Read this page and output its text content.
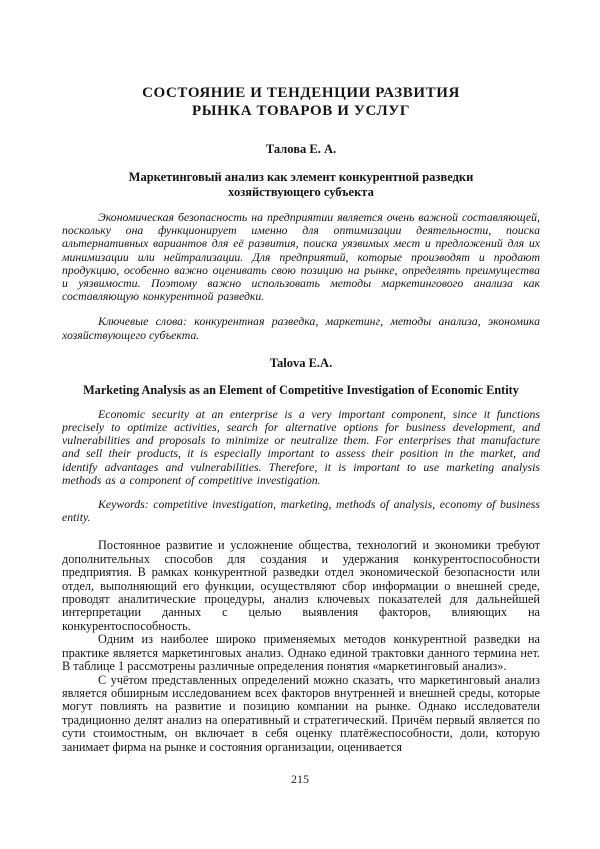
СОСТОЯНИЕ И ТЕНДЕНЦИИ РАЗВИТИЯ
РЫНКА ТОВАРОВ И УСЛУГ
Талова Е. А.
Маркетинговый анализ как элемент конкурентной разведки
хозяйствующего субъекта
Экономическая безопасность на предприятии является очень важной составляющей, поскольку она функционирует именно для оптимизации деятельности, поиска альтернативных вариантов для её развития, поиска уязвимых мест и предложений для их минимизации или нейтрализации. Для предприятий, которые производят и продают продукцию, особенно важно оценивать свою позицию на рынке, определять преимущества и уязвимости. Поэтому важно использовать методы маркетингового анализа как составляющую конкурентной разведки.
Ключевые слова: конкурентная разведка, маркетинг, методы анализа, экономика хозяйствующего субъекта.
Talova E.A.
Marketing Analysis as an Element of Competitive Investigation of Economic Entity
Economic security at an enterprise is a very important component, since it functions precisely to optimize activities, search for alternative options for business development, and vulnerabilities and proposals to minimize or neutralize them. For enterprises that manufacture and sell their products, it is especially important to assess their position in the market, and identify advantages and vulnerabilities. Therefore, it is important to use marketing analysis methods as a component of competitive investigation.
Keywords: competitive investigation, marketing, methods of analysis, economy of business entity.

Постоянное развитие и усложнение общества, технологий и экономики требуют дополнительных способов для создания и удержания конкурентоспособности предприятия. В рамках конкурентной разведки отдел экономической безопасности или отдел, выполняющий его функции, осуществляют сбор информации о внешней среде, проводят аналитические процедуры, анализ ключевых показателей для дальнейшей интерпретации данных с целью выявления факторов, влияющих на конкурентоспособность.

Одним из наиболее широко применяемых методов конкурентной разведки на практике является маркетинговых анализ. Однако единой трактовки данного термина нет. В таблице 1 рассмотрены различные определения понятия «маркетинговый анализ».

С учётом представленных определений можно сказать, что маркетинговый анализ является обширным исследованием всех факторов внутренней и внешней среды, которые могут повлиять на развитие и позицию компании на рынке. Однако исследователи традиционно делят анализ на оперативный и стратегический. Причём первый является по сути стоимостным, он включает в себя оценку платёжеспособности, доли, которую занимает фирма на рынке и состояния организации, оценивается

215
